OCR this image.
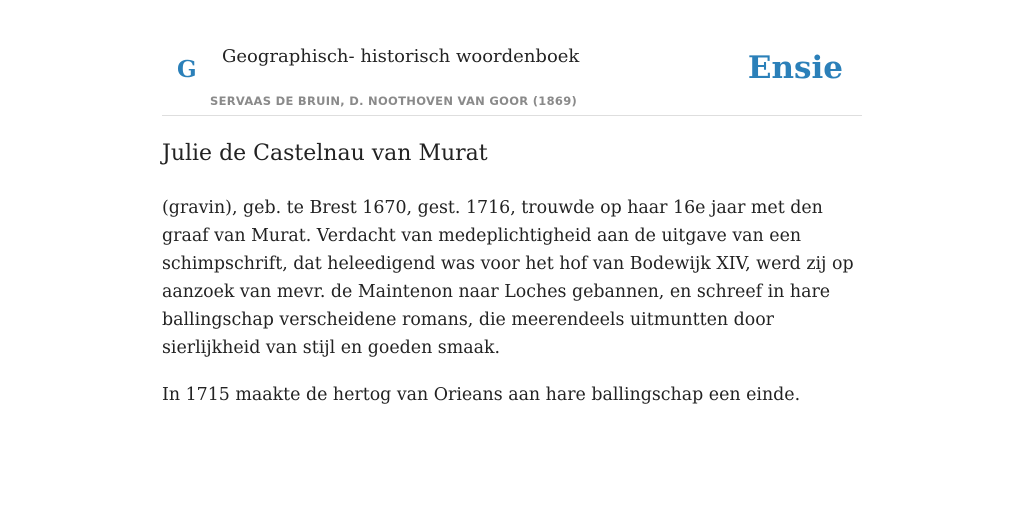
G Geographisch- historisch woordenboek
SERVAAS DE BRUIN, D. NOOTHOVEN VAN GOOR (1869)
Ensie
Julie de Castelnau van Murat

(gravin), geb. te Brest 1670, gest. 1716, trouwde op haar 16e jaar met den graaf van Murat. Verdacht van medeplichtigheid aan de uitgave van een schimpschrift, dat heleedigend was voor het hof van Bodewijk XIV, werd zij op aanzoek van mevr. de Maintenon naar Loches gebannen, en schreef in hare ballingschap verscheidene romans, die meerendeels uitmuntten door sierlijkheid van stijl en goeden smaak.

In 1715 maakte de hertog van Orieans aan hare ballingschap een einde.
